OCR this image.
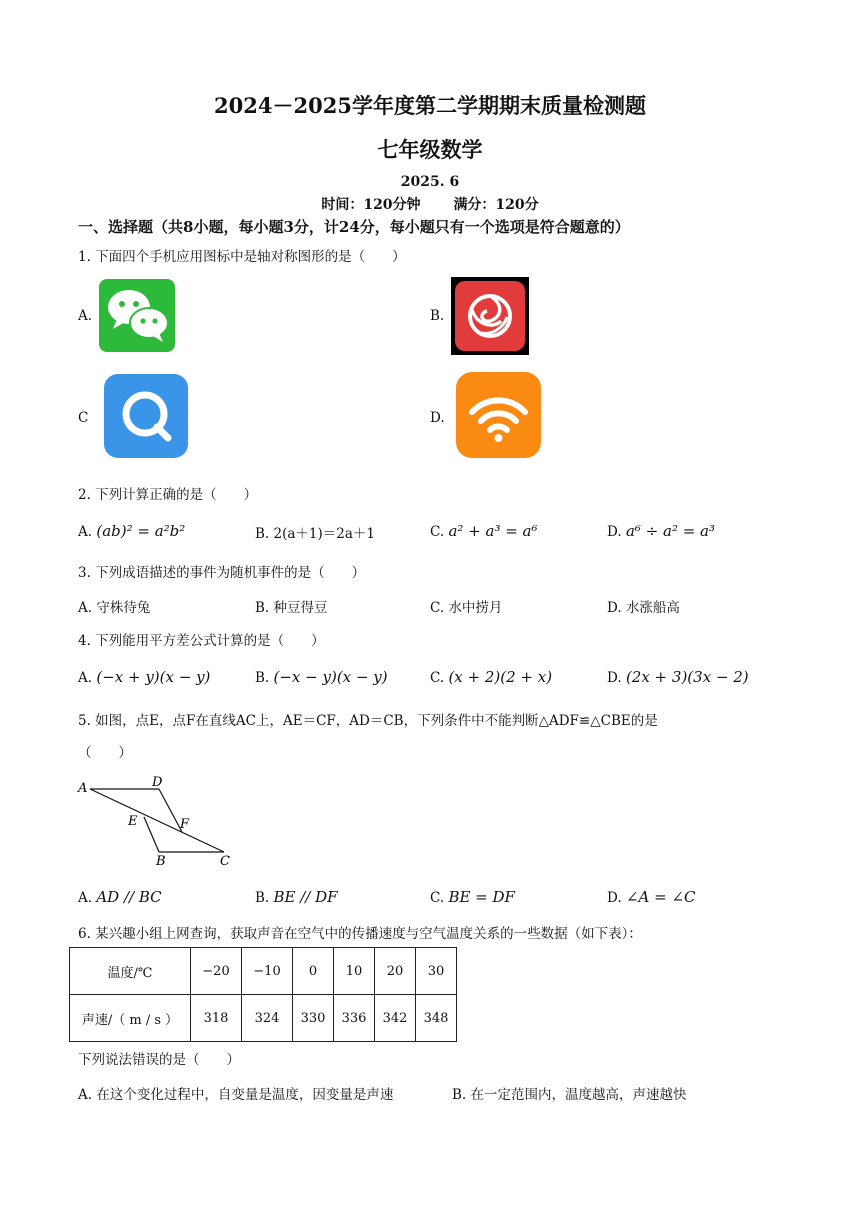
2024－2025学年度第二学期期末质量检测题
七年级数学
2025. 6
时间：120分钟 满分：120分
一、选择题（共8小题，每小题3分，计24分，每小题只有一个选项是符合题意的）
1. 下面四个手机应用图标中是轴对称图形的是（　　）
A.	B.
C	D.
2. 下列计算正确的是（　　）
A. (ab)² = a²b²	B. 2(a＋1)＝2a＋1	C. a² + a³ = a⁶	D. a⁶ ÷ a² = a³
3. 下列成语描述的事件为随机事件的是（　　）
A. 守株待兔	B. 种豆得豆	C. 水中捞月	D. 水涨船高
4. 下列能用平方差公式计算的是（　　）
A. (−x + y)(x − y)	B. (−x − y)(x − y)	C. (x + 2)(2 + x)	D. (2x + 3)(3x − 2)
5. 如图，点E，点F在直线AC上，AE＝CF，AD＝CB，下列条件中不能判断△ADF≌△CBE的是
（　　）
A	D
E	F
B	C
A. AD // BC	B. BE // DF	C. BE = DF	D. ∠A = ∠C
6. 某兴趣小组上网查询，获取声音在空气中的传播速度与空气温度关系的一些数据（如下表）：
温度/℃	−20	−10	0	10	20	30
声速/（ m / s ）	318	324	330	336	342	348
下列说法错误的是（　　）
A. 在这个变化过程中，自变量是温度，因变量是声速	B. 在一定范围内，温度越高，声速越快
